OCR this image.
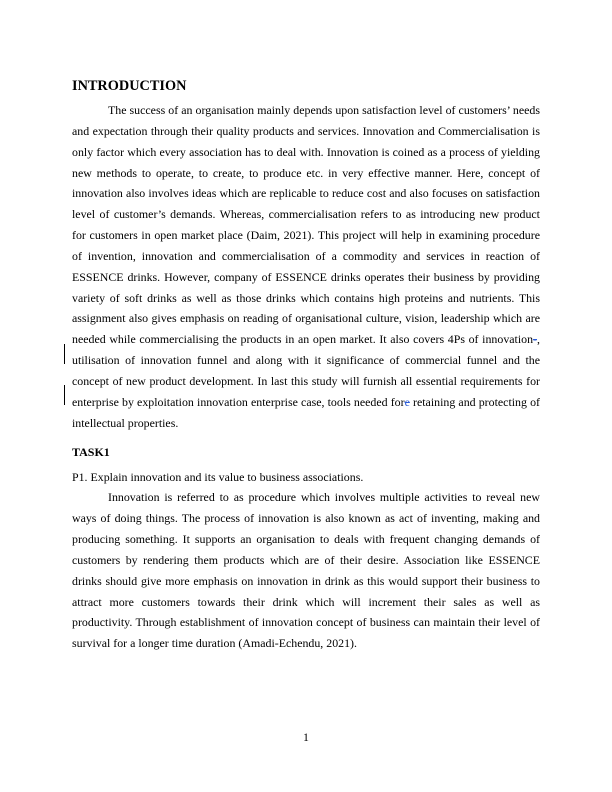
INTRODUCTION

The success of an organisation mainly depends upon satisfaction level of customers’ needs and expectation through their quality products and services. Innovation and Commercialisation is only factor which every association has to deal with. Innovation is coined as a process of yielding new methods to operate, to create, to produce etc. in very effective manner. Here, concept of innovation also involves ideas which are replicable to reduce cost and also focuses on satisfaction level of customer’s demands. Whereas, commercialisation refers to as introducing new product for customers in open market place (Daim, 2021). This project will help in examining procedure of invention, innovation and commercialisation of a commodity and services in reaction of ESSENCE drinks. However, company of ESSENCE drinks operates their business by providing variety of soft drinks as well as those drinks which contains high proteins and nutrients. This assignment also gives emphasis on reading of organisational culture, vision, leadership which are needed while commercialising the products in an open market. It also covers 4Ps of innovation-, utilisation of innovation funnel and along with it significance of commercial funnel and the concept of new product development. In last this study will furnish all essential requirements for enterprise by exploitation innovation enterprise case, tools needed fore retaining and protecting of intellectual properties.

TASK1

P1. Explain innovation and its value to business associations.

Innovation is referred to as procedure which involves multiple activities to reveal new ways of doing things. The process of innovation is also known as act of inventing, making and producing something. It supports an organisation to deals with frequent changing demands of customers by rendering them products which are of their desire. Association like ESSENCE drinks should give more emphasis on innovation in drink as this would support their business to attract more customers towards their drink which will increment their sales as well as productivity. Through establishment of innovation concept of business can maintain their level of survival for a longer time duration (Amadi-Echendu, 2021).

1
